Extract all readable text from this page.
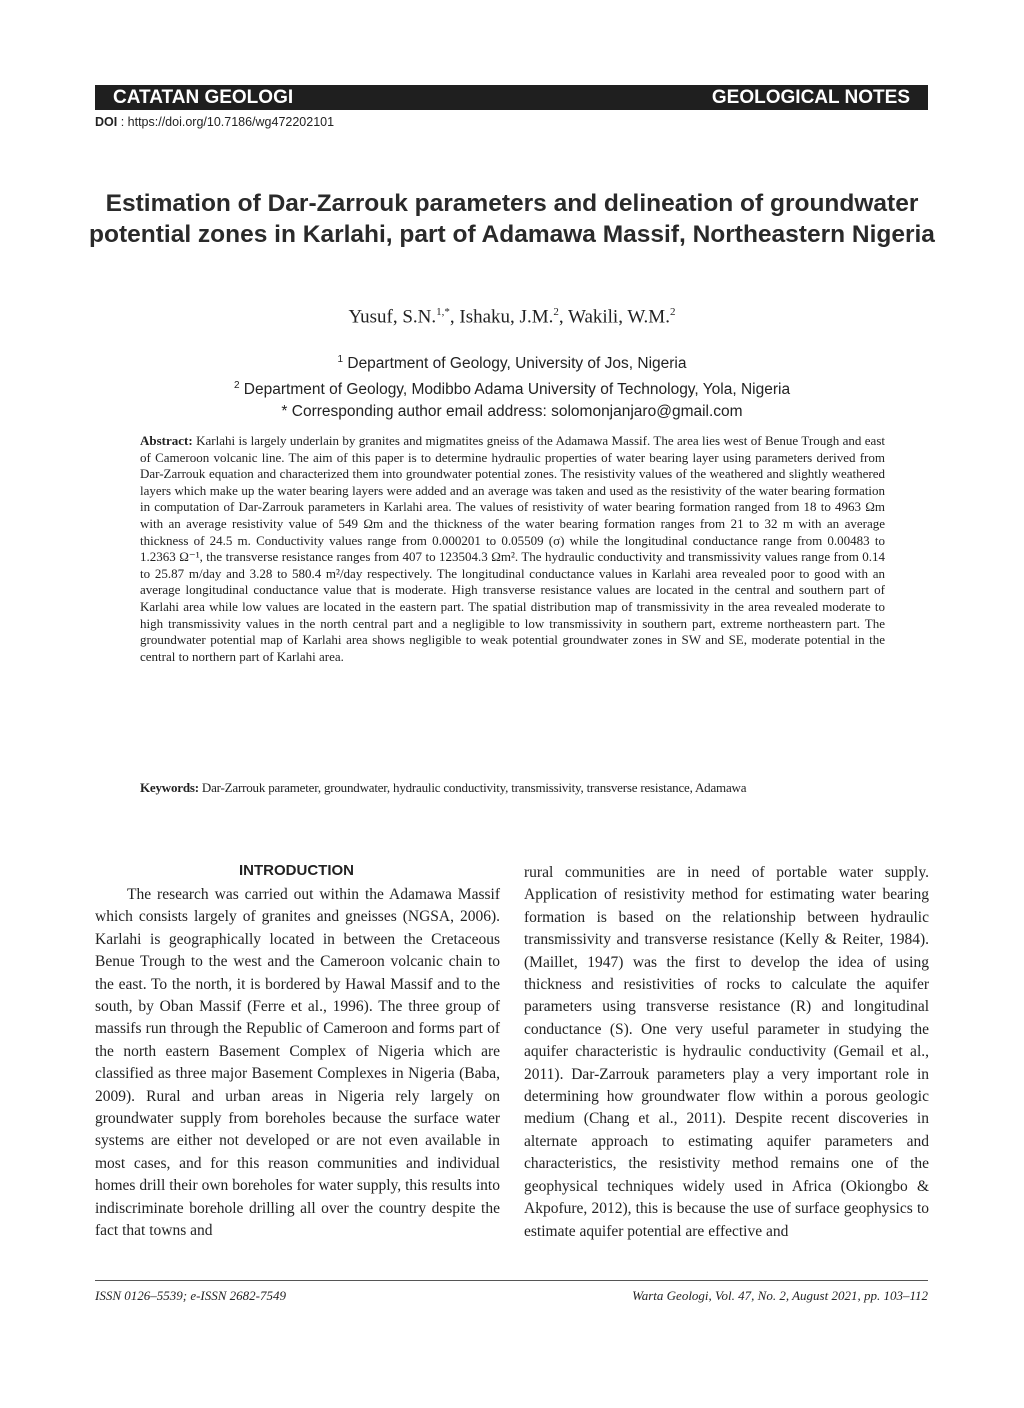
CATATAN GEOLOGI	GEOLOGICAL NOTES
DOI : https://doi.org/10.7186/wg472202101
Estimation of Dar-Zarrouk parameters and delineation of groundwater potential zones in Karlahi, part of Adamawa Massif, Northeastern Nigeria
Yusuf, S.N.$^{1,*}$, Ishaku, J.M.$^2$, Wakili, W.M.$^2$
$^1$ Department of Geology, University of Jos, Nigeria
$^2$ Department of Geology, Modibbo Adama University of Technology, Yola, Nigeria
* Corresponding author email address: solomonjanjaro@gmail.com

Abstract: Karlahi is largely underlain by granites and migmatites gneiss of the Adamawa Massif. The area lies west of Benue Trough and east of Cameroon volcanic line. The aim of this paper is to determine hydraulic properties of water bearing layer using parameters derived from Dar-Zarrouk equation and characterized them into groundwater potential zones. The resistivity values of the weathered and slightly weathered layers which make up the water bearing layers were added and an average was taken and used as the resistivity of the water bearing formation in computation of Dar-Zarrouk parameters in Karlahi area. The values of resistivity of water bearing formation ranged from 18 to 4963 Ωm with an average resistivity value of 549 Ωm and the thickness of the water bearing formation ranges from 21 to 32 m with an average thickness of 24.5 m. Conductivity values range from 0.000201 to 0.05509 (σ) while the longitudinal conductance range from 0.00483 to 1.2363 Ω⁻¹, the transverse resistance ranges from 407 to 123504.3 Ωm². The hydraulic conductivity and transmissivity values range from 0.14 to 25.87 m/day and 3.28 to 580.4 m²/day respectively. The longitudinal conductance values in Karlahi area revealed poor to good with an average longitudinal conductance value that is moderate. High transverse resistance values are located in the central and southern part of Karlahi area while low values are located in the eastern part. The spatial distribution map of transmissivity in the area revealed moderate to high transmissivity values in the north central part and a negligible to low transmissivity in southern part, extreme northeastern part. The groundwater potential map of Karlahi area shows negligible to weak potential groundwater zones in SW and SE, moderate potential in the central to northern part of Karlahi area.

Keywords: Dar-Zarrouk parameter, groundwater, hydraulic conductivity, transmissivity, transverse resistance, Adamawa

INTRODUCTION

The research was carried out within the Adamawa Massif which consists largely of granites and gneisses (NGSA, 2006). Karlahi is geographically located in between the Cretaceous Benue Trough to the west and the Cameroon volcanic chain to the east. To the north, it is bordered by Hawal Massif and to the south, by Oban Massif (Ferre et al., 1996). The three group of massifs run through the Republic of Cameroon and forms part of the north eastern Basement Complex of Nigeria which are classified as three major Basement Complexes in Nigeria (Baba, 2009). Rural and urban areas in Nigeria rely largely on groundwater supply from boreholes because the surface water systems are either not developed or are not even available in most cases, and for this reason communities and individual homes drill their own boreholes for water supply, this results into indiscriminate borehole drilling all over the country despite the fact that towns and

rural communities are in need of portable water supply. Application of resistivity method for estimating water bearing formation is based on the relationship between hydraulic transmissivity and transverse resistance (Kelly & Reiter, 1984). (Maillet, 1947) was the first to develop the idea of using thickness and resistivities of rocks to calculate the aquifer parameters using transverse resistance (R) and longitudinal conductance (S). One very useful parameter in studying the aquifer characteristic is hydraulic conductivity (Gemail et al., 2011). Dar-Zarrouk parameters play a very important role in determining how groundwater flow within a porous geologic medium (Chang et al., 2011). Despite recent discoveries in alternate approach to estimating aquifer parameters and characteristics, the resistivity method remains one of the geophysical techniques widely used in Africa (Okiongbo & Akpofure, 2012), this is because the use of surface geophysics to estimate aquifer potential are effective and

ISSN 0126–5539; e-ISSN 2682-7549	Warta Geologi, Vol. 47, No. 2, August 2021, pp. 103–112
